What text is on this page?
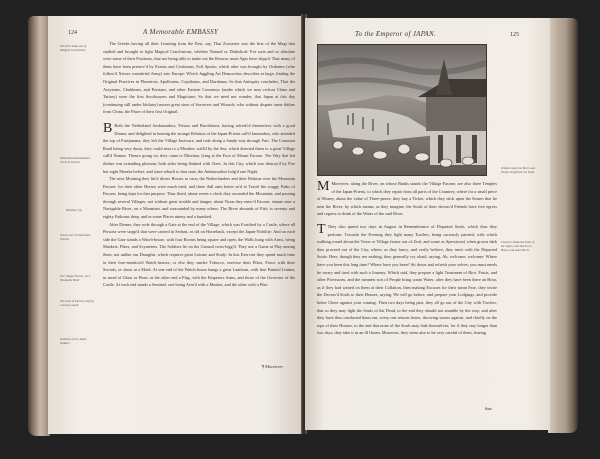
124	A Memorable EMBASSY
Who first made use of Magical Conclusions
Netherland Ambassadors travel to Facone
Missima City
Travel over the Mountain Facone
The Village Facone, on a Navigable River
The Gate of Facone, kept by a strong Guard
Pastimes of the Japan Soldiers

The Greeks having all their Learning from the East, say, That Zoroaster was the first of the Magi that studied and brought to light Magical Conclusions, whether Natural or Diabolical: For such and so absolute were some of their Positions, that not being able to make out the Reason, must Ages have slipp'd. That many of them have been preserv'd by Ezreus and Cerdonius, Evil Spirits; which after was brought by Osthanes (who follow'd Xerxes wonderful Army) into Europe: Which Juggling Art Democritus describes at large, finding the Original Practices in Phoenicia, Apollonius, Copidonus, and Dardanus: So that Antiquity concludes, That the Assyrians, Chaldeans, and Persians, and other Eastern Countreys (under which we may reckon China and Tartary) were the first Soothsayers and Magicians: So that we need not wonder, that Japan at this day (continuing still under Idolatry) nurses great store of Sorcerers and Wizards, who without dispute came thither from China, the Place of their first Original.

B Both the Netherland Ambassadors, Frisius and Brookhorst, having refresh'd themselves with a good Dinner, and delighted in hearing the strange Relation of the Japan-Priests call'd Jammabos, who attended the top of Fusijamma, they left the Village Jusiwara, and rode along a Sandy-way through Furi. The Common Road being very dusty, they could near to a Meadow wall'd by the Sea, which directed them to a great Village call'd Numas. Thence going on, they came to Missima, lying at the Foot of Mount Facone. The Way that led thither was extending pleasant, both sides being flanked with Trees. In this City, which was destroy'd by Fire but eight Months before, and since rebuilt to that state, the Ambassadors lodg'd one Night.

The next Morning they hir'd divers Horses to carry the Netherlanders and their Retinue over the Mountain Facone: for their other Horses were much tired, and these dull ones better us'd to Travel the craggy Paths of Facone, being kept for that purpose. Thus fitted, about seven a clock they ascended the Mountain; and passing through several Villages, not without great trouble and danger, about Noon they enter'd Facone, situate near a Navigable River, on a Mountain, and surrounded by many others: The River abounds of Fish, is seventy and eighty Fathoms deep, and in some Places ninety and a hundred.

After Dinner, they rode through a Gate at the end of the Village, which was Fortified by a Castle, where all Persons were stopp'd that were carried in Sedans, or rid on Horseback, except the Japan-Nobility: And on each side the Gate stands a Watch-house, with four Rooms being square and open; the Walls hung with Arms, being Muskets, Pikes, and Scymeters. The Soldiers lie on the Ground cross-legg'd. They use a Game at Play among them, not unlike our Draughts, which requires great Leisure and Study: In this Exercise they spend much time in their fore-mention'd Watch-houses; or else they smoke Tobacco, exercise their Pikes, Fence with their Swords, or shoot at a Mark. At one end of the Watch-house hangs a great Lanthorn, with fine Painted Linnen, in stead of Glass or Horn: at the other end a Flag, with the Emperors Arms, and those of the Governor of the Castle. At each end stands a Sentinel, one being Arm'd with a Musket, and the other with a Pike.

¶ Moreover
To the Emperor of JAPAN.	125
Temples upon the River, and Tickets bought for the Souls
Feast for Departed Souls of the Japan, and Torches to Honor and make Merry

M Moreover, along the River, on whose Banks stands the Village Facone, are also three Temples of the Japan-Priests, to which they repair from all parts of the Countrey, where for a small piece of Money, about the value of Three-pence, they buy a Ticket, which they stick upon the Stones that lie near the River; by which means, as they imagine, the Souls of their deceas'd Friends have free egress and regress to drink of the Water of the said River.

T They also spend two days in August in Remembrance of Departed Souls, which thus they perform: Towards the Evening they light many Torches, being curiously painted, with which walking round about the Town or Village (some out of Zeal, and some as Spectators) when grown dark they proceed out of the City, where, as they fancy, and verily believe, they meet with the Departed Souls: Here, though they see nothing, they generally cry aloud, saying, Ah, welcome, welcome: Where have you been this long time? Where have you been? Sit down and refresh your selves; you must needs be weary and tired with such a Journey. Which said, they prepare a light Treatment of Rice, Fruits, and other Provisions, and the meanest sort of People bring warm Water, after they have been there an Hour, as if they had waited on them at their Collation, then making Excuses for their mean Fare, they invite the Deceas'd Souls to their Houses, saying, We will go before, and prepare your Lodgings, and provide better Cheer against your coming. Then two days being past, they all go out of the City with Torches, that so they may light the Souls of the Dead, to the end they should not stumble by the way; and after they have thus conducted them out, every one returns home, throwing stones against, and chiefly on the tops of their Houses, to the end that none of the Souls may hide themselves; for if they stay longer than two days, they take it as an ill Omen. Moreover, they seem also to be very careful of them, fearing

that
